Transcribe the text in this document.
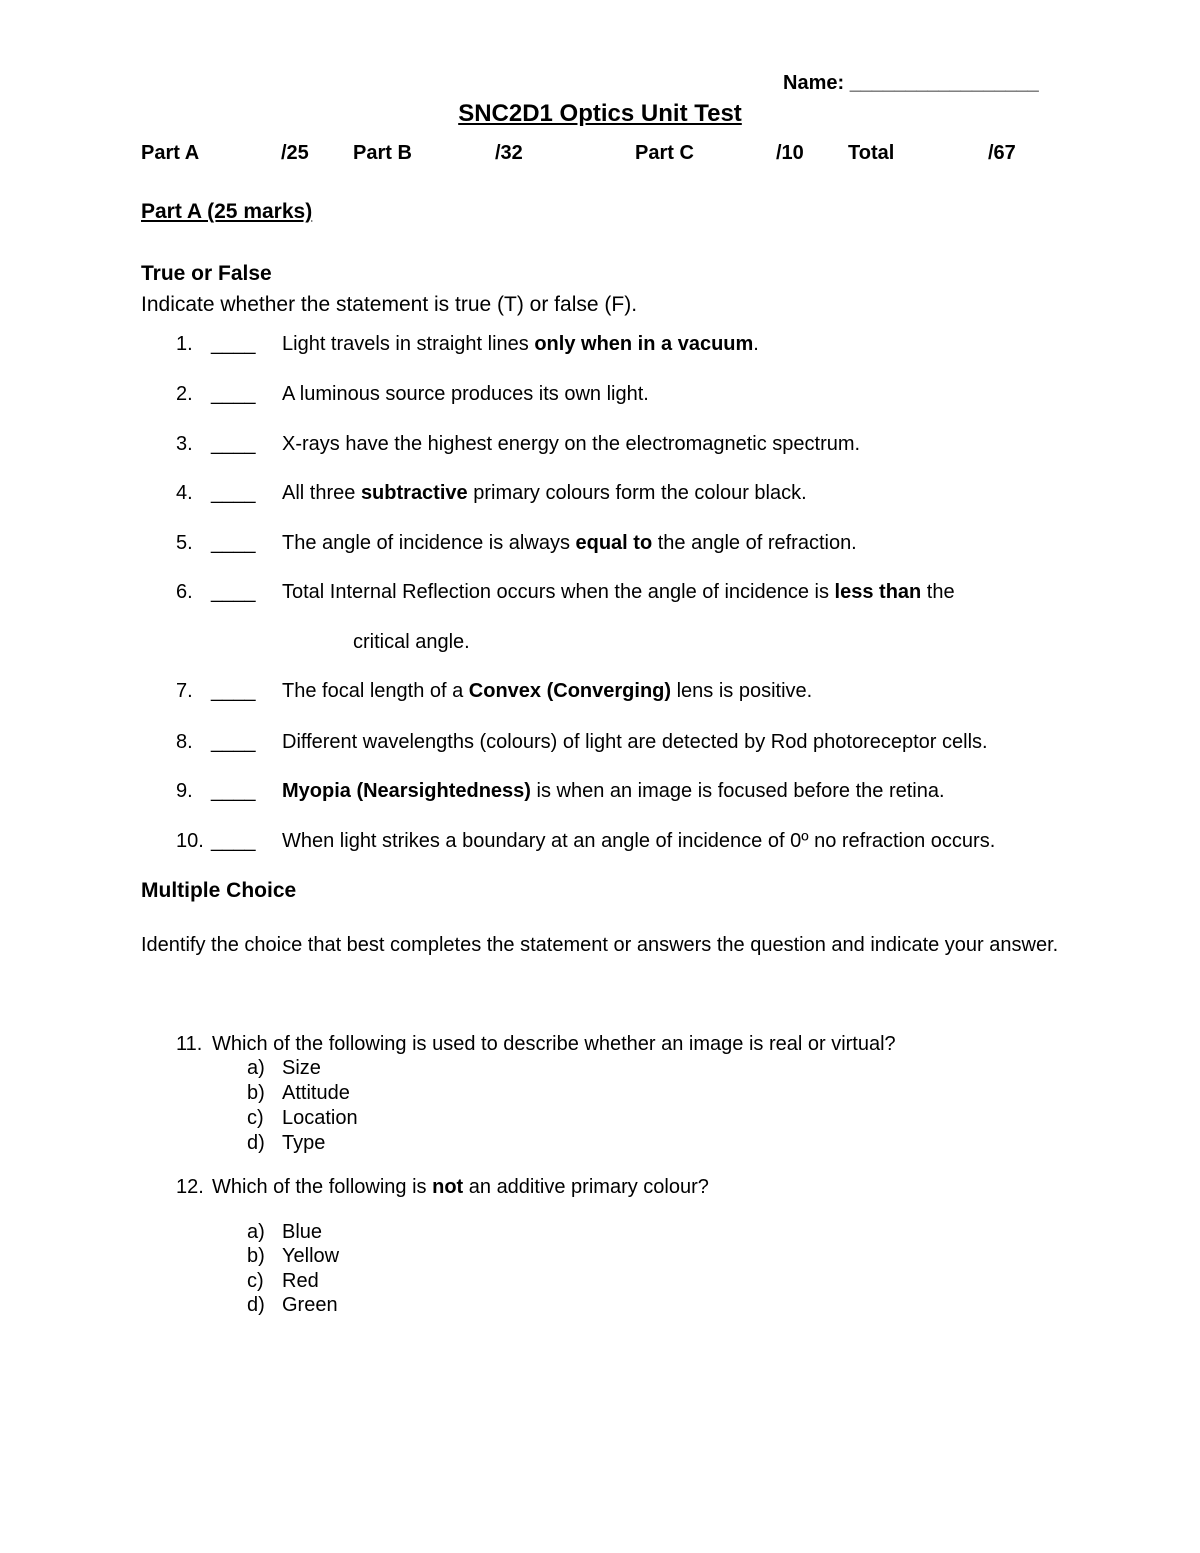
Name: _________________
SNC2D1 Optics Unit Test
Part A	/25 Part B	/32	Part C	/10 Total	/67
Part A (25 marks)
True or False
Indicate whether the statement is true (T) or false (F).
1. ____ Light travels in straight lines only when in a vacuum.
2. ____ A luminous source produces its own light.
3. ____ X-rays have the highest energy on the electromagnetic spectrum.
4. ____ All three subtractive primary colours form the colour black.
5. ____ The angle of incidence is always equal to the angle of refraction.
6. ____ Total Internal Reflection occurs when the angle of incidence is less than the
critical angle.
7. ____ The focal length of a Convex (Converging) lens is positive.
8. ____ Different wavelengths (colours) of light are detected by Rod photoreceptor cells.
9. ____ Myopia (Nearsightedness) is when an image is focused before the retina.
10. ____ When light strikes a boundary at an angle of incidence of 0º no refraction occurs.
Multiple Choice
Identify the choice that best completes the statement or answers the question and indicate your answer.
11. Which of the following is used to describe whether an image is real or virtual?
a) Size
b) Attitude
c) Location
d) Type
12. Which of the following is not an additive primary colour?
a) Blue
b) Yellow
c) Red
d) Green
